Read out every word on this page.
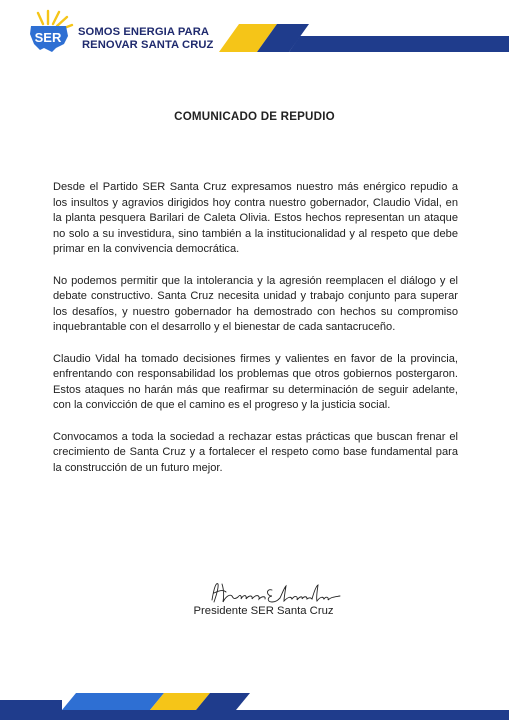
SER SOMOS ENERGIA PARA
RENOVAR SANTA CRUZ
COMUNICADO DE REPUDIO

Desde el Partido SER Santa Cruz expresamos nuestro más enérgico repudio a los insultos y agravios dirigidos hoy contra nuestro gobernador, Claudio Vidal, en la planta pesquera Barilari de Caleta Olivia. Estos hechos representan un ataque no solo a su investidura, sino también a la institucionalidad y al respeto que debe primar en la convivencia democrática.

No podemos permitir que la intolerancia y la agresión reemplacen el diálogo y el debate constructivo. Santa Cruz necesita unidad y trabajo conjunto para superar los desafíos, y nuestro gobernador ha demostrado con hechos su compromiso inquebrantable con el desarrollo y el bienestar de cada santacruceño.

Claudio Vidal ha tomado decisiones firmes y valientes en favor de la provincia, enfrentando con responsabilidad los problemas que otros gobiernos postergaron. Estos ataques no harán más que reafirmar su determinación de seguir adelante, con la convicción de que el camino es el progreso y la justicia social.

Convocamos a toda la sociedad a rechazar estas prácticas que buscan frenar el crecimiento de Santa Cruz y a fortalecer el respeto como base fundamental para la construcción de un futuro mejor.

Presidente SER Santa Cruz
